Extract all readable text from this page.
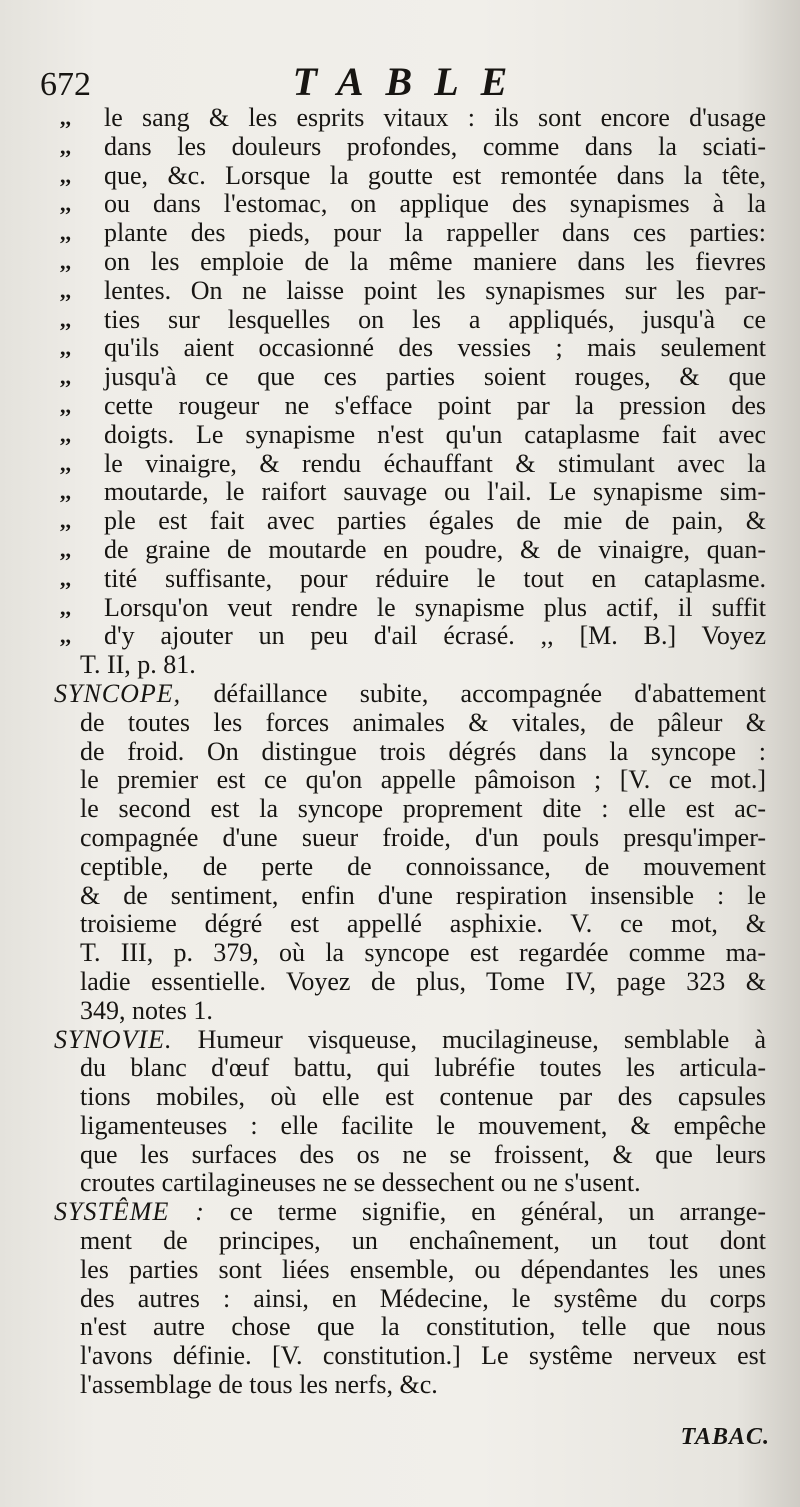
672	TABLE
,,	le sang & les esprits vitaux : ils sont encore d'usage
,,	dans les douleurs profondes, comme dans la sciati-
,,	que, &c. Lorsque la goutte est remontée dans la tête,
,,	ou dans l'estomac, on applique des synapismes à la
,,	plante des pieds, pour la rappeller dans ces parties:
,,	on les emploie de la même maniere dans les fievres
,,	lentes. On ne laisse point les synapismes sur les par-
,,	ties sur lesquelles on les a appliqués, jusqu'à ce
,,	qu'ils aient occasionné des vessies ; mais seulement
,,	jusqu'à ce que ces parties soient rouges, & que
,,	cette rougeur ne s'efface point par la pression des
,,	doigts. Le synapisme n'est qu'un cataplasme fait avec
,,	le vinaigre, & rendu échauffant & stimulant avec la
,,	moutarde, le raifort sauvage ou l'ail. Le synapisme sim-
,,	ple est fait avec parties égales de mie de pain, &
,,	de graine de moutarde en poudre, & de vinaigre, quan-
,,	tité suffisante, pour réduire le tout en cataplasme.
,,	Lorsqu'on veut rendre le synapisme plus actif, il suffit
,,	d'y ajouter un peu d'ail écrasé. ,, [M. B.] Voyez
T. II, p. 81.
SYNCOPE, défaillance subite, accompagnée d'abattement
de toutes les forces animales & vitales, de pâleur &
de froid. On distingue trois dégrés dans la syncope :
le premier est ce qu'on appelle pâmoison ; [V. ce mot.]
le second est la syncope proprement dite : elle est ac-
compagnée d'une sueur froide, d'un pouls presqu'imper-
ceptible, de perte de connoissance, de mouvement
& de sentiment, enfin d'une respiration insensible : le
troisieme dégré est appellé asphixie. V. ce mot, &
T. III, p. 379, où la syncope est regardée comme ma-
ladie essentielle. Voyez de plus, Tome IV, page 323 &
349, notes 1.
SYNOVIE. Humeur visqueuse, mucilagineuse, semblable à
du blanc d'œuf battu, qui lubréfie toutes les articula-
tions mobiles, où elle est contenue par des capsules
ligamenteuses : elle facilite le mouvement, & empêche
que les surfaces des os ne se froissent, & que leurs
croutes cartilagineuses ne se dessechent ou ne s'usent.
SYSTÊME : ce terme signifie, en général, un arrange-
ment de principes, un enchaînement, un tout dont
les parties sont liées ensemble, ou dépendantes les unes
des autres : ainsi, en Médecine, le systême du corps
n'est autre chose que la constitution, telle que nous
l'avons définie. [V. constitution.] Le systême nerveux est
l'assemblage de tous les nerfs, &c.
TABAC.
